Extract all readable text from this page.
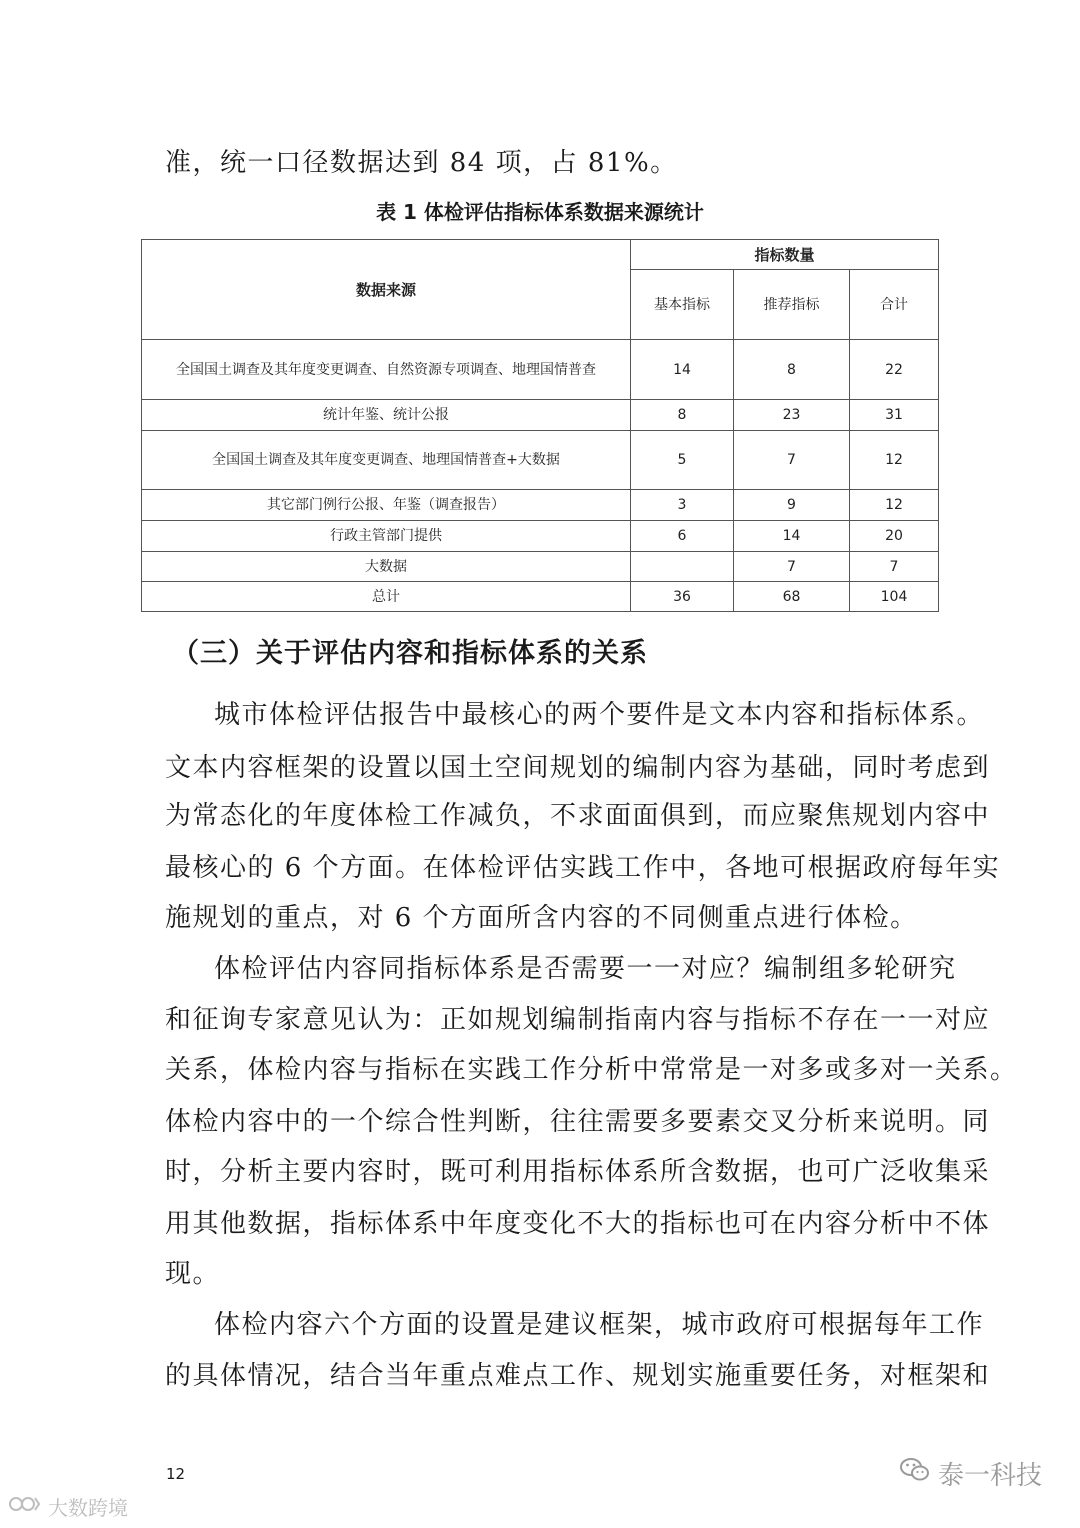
准，统一口径数据达到 84 项，占 81%。
表 1 体检评估指标体系数据来源统计
数据来源	指标数量		
	基本指标	推荐指标	合计
全国国土调查及其年度变更调查、自然资源专项调查、地理国情普查	14	8	22
统计年鉴、统计公报	8	23	31
全国国土调查及其年度变更调查、地理国情普查+大数据	5	7	12
其它部门例行公报、年鉴（调查报告）	3	9	12
行政主管部门提供	6	14	20
大数据		7	7
总计	36	68	104
（三）关于评估内容和指标体系的关系
城市体检评估报告中最核心的两个要件是文本内容和指标体系。
文本内容框架的设置以国土空间规划的编制内容为基础，同时考虑到
为常态化的年度体检工作减负，不求面面俱到，而应聚焦规划内容中
最核心的 6 个方面。在体检评估实践工作中，各地可根据政府每年实
施规划的重点，对 6 个方面所含内容的不同侧重点进行体检。
体检评估内容同指标体系是否需要一一对应？编制组多轮研究
和征询专家意见认为：正如规划编制指南内容与指标不存在一一对应
关系，体检内容与指标在实践工作分析中常常是一对多或多对一关系。
体检内容中的一个综合性判断，往往需要多要素交叉分析来说明。同
时，分析主要内容时，既可利用指标体系所含数据，也可广泛收集采
用其他数据，指标体系中年度变化不大的指标也可在内容分析中不体
现。
体检内容六个方面的设置是建议框架，城市政府可根据每年工作
的具体情况，结合当年重点难点工作、规划实施重要任务，对框架和
12	泰一科技
大数跨境
